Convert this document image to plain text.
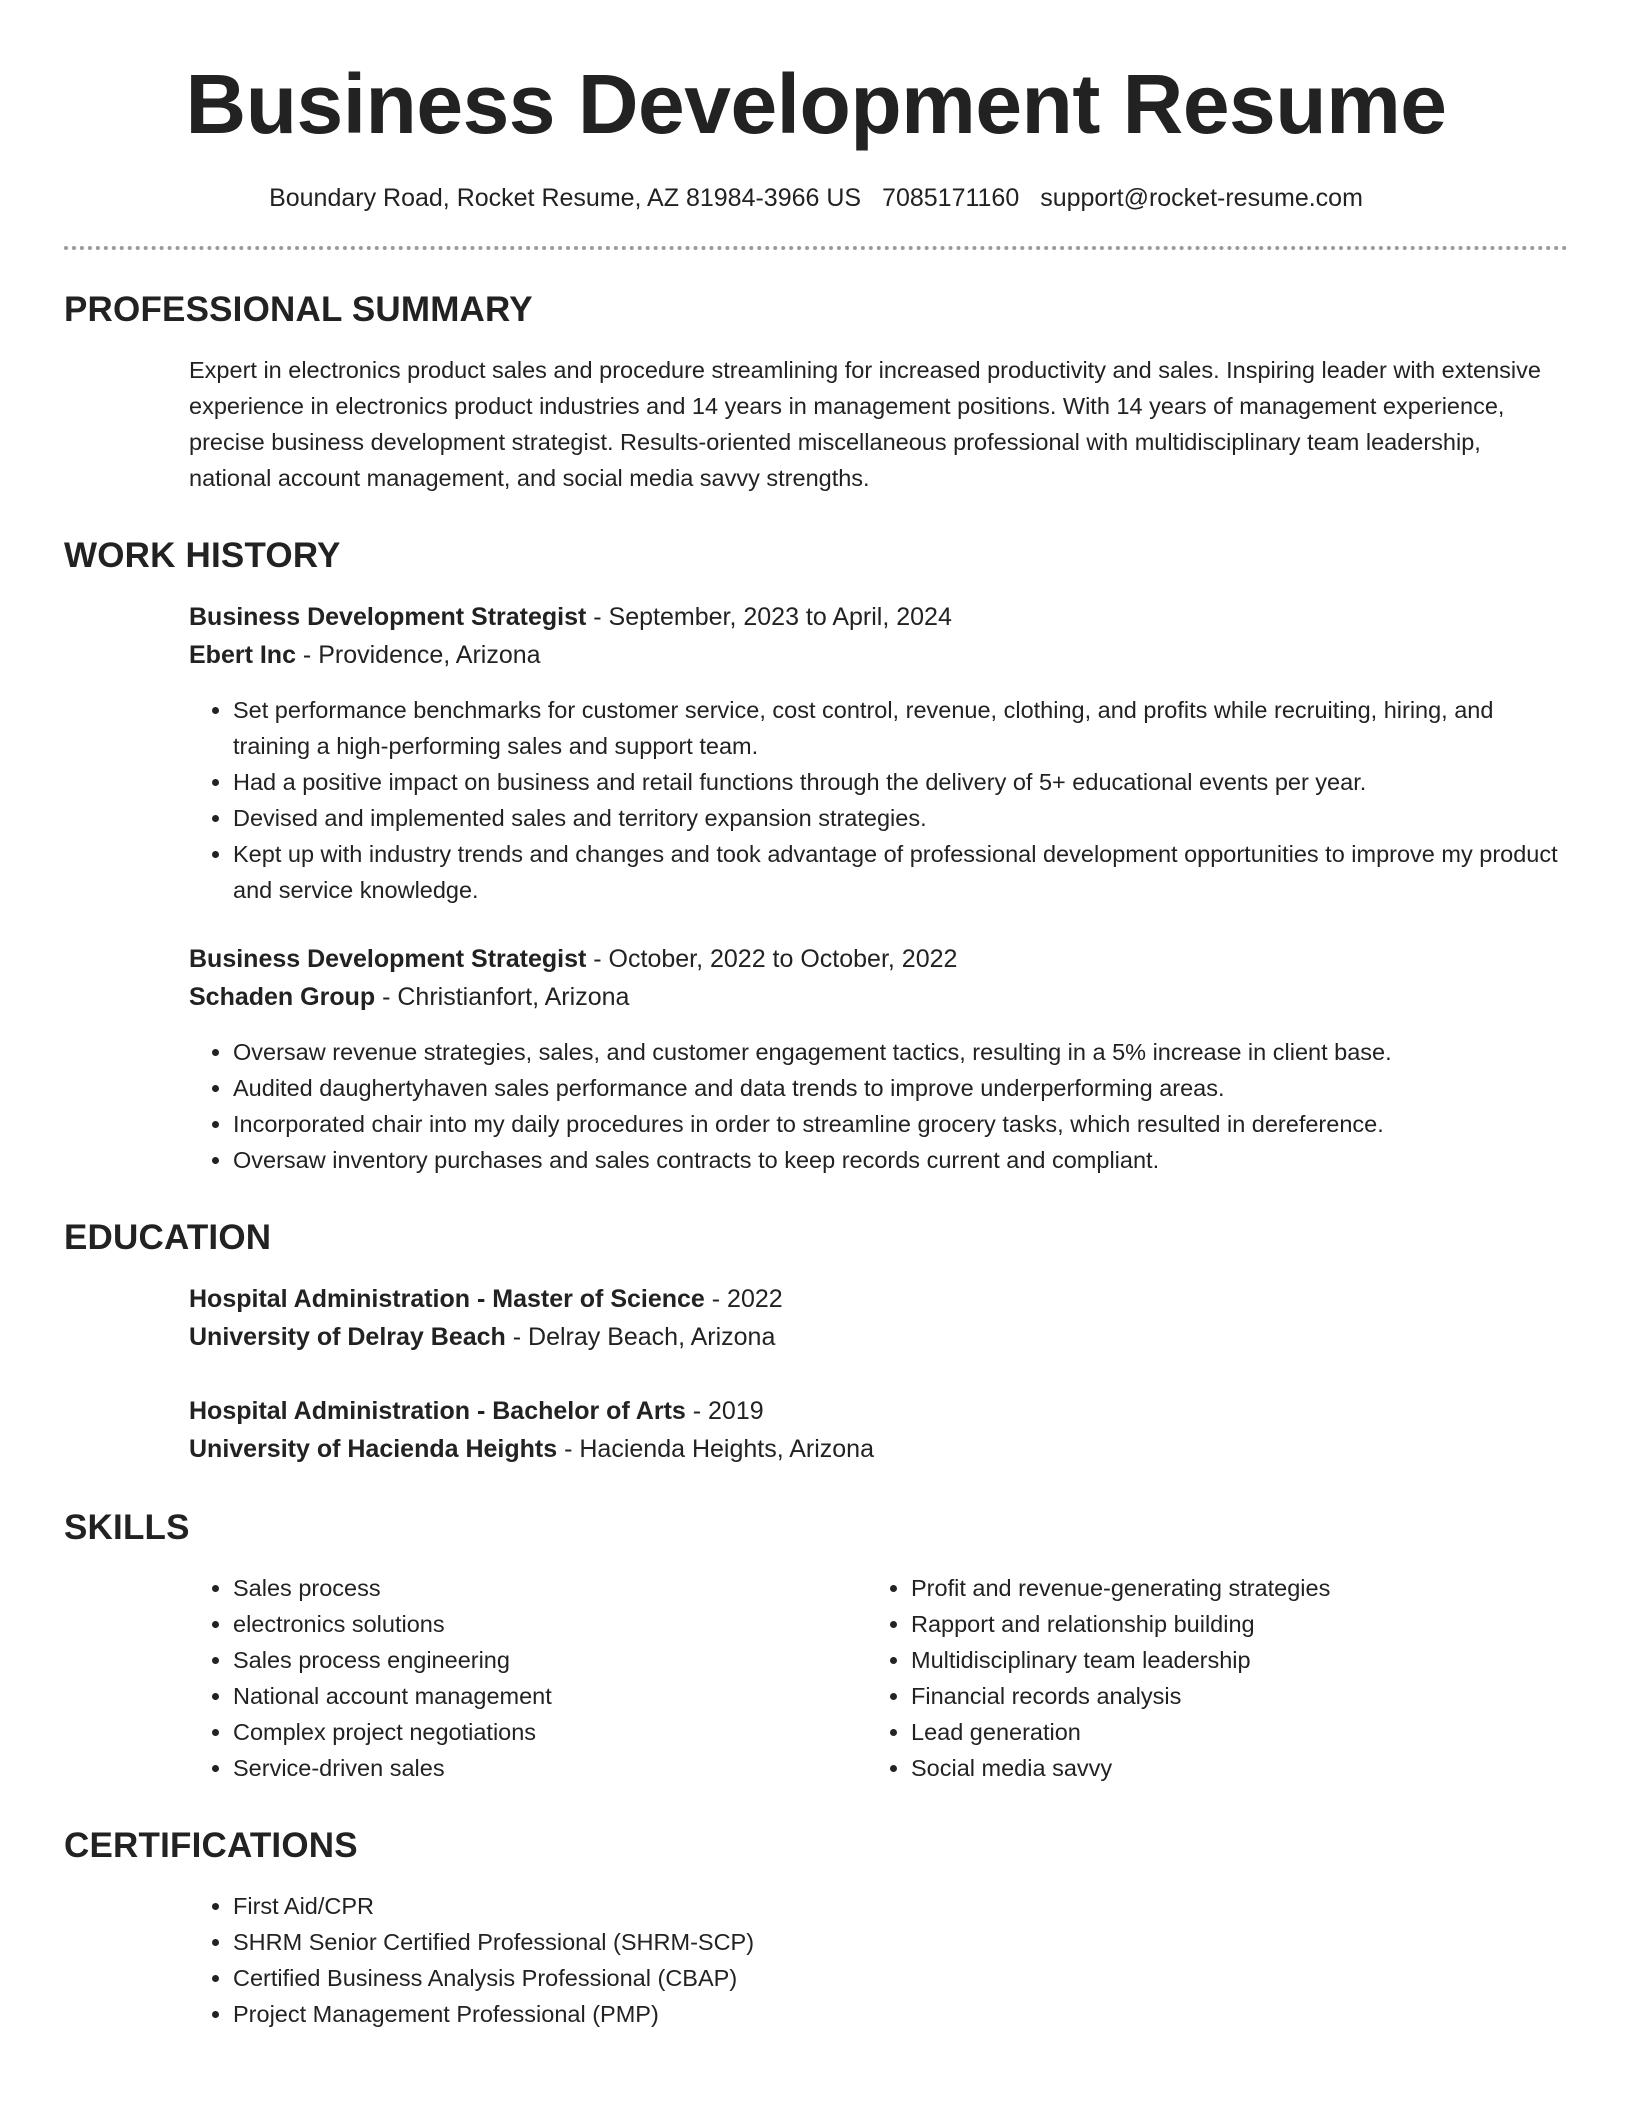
Business Development Resume
Boundary Road, Rocket Resume, AZ 81984-3966 US 7085171160 support@rocket-resume.com
PROFESSIONAL SUMMARY

Expert in electronics product sales and procedure streamlining for increased productivity and sales. Inspiring leader with extensive experience in electronics product industries and 14 years in management positions. With 14 years of management experience, precise business development strategist. Results-oriented miscellaneous professional with multidisciplinary team leadership, national account management, and social media savvy strengths.

WORK HISTORY
Business Development Strategist - September, 2023 to April, 2024
Ebert Inc - Providence, Arizona
• Set performance benchmarks for customer service, cost control, revenue, clothing, and profits while recruiting, hiring, and training a high-performing sales and support team.
• Had a positive impact on business and retail functions through the delivery of 5+ educational events per year.
• Devised and implemented sales and territory expansion strategies.
• Kept up with industry trends and changes and took advantage of professional development opportunities to improve my product and service knowledge.
Business Development Strategist - October, 2022 to October, 2022
Schaden Group - Christianfort, Arizona
• Oversaw revenue strategies, sales, and customer engagement tactics, resulting in a 5% increase in client base.
• Audited daughertyhaven sales performance and data trends to improve underperforming areas.
• Incorporated chair into my daily procedures in order to streamline grocery tasks, which resulted in dereference.
• Oversaw inventory purchases and sales contracts to keep records current and compliant.
EDUCATION
Hospital Administration - Master of Science - 2022
University of Delray Beach - Delray Beach, Arizona
Hospital Administration - Bachelor of Arts - 2019
University of Hacienda Heights - Hacienda Heights, Arizona
SKILLS
• Sales process
• electronics solutions
• Sales process engineering
• National account management
• Complex project negotiations
• Service-driven sales
• Profit and revenue-generating strategies
• Rapport and relationship building
• Multidisciplinary team leadership
• Financial records analysis
• Lead generation
• Social media savvy
CERTIFICATIONS
• First Aid/CPR
• SHRM Senior Certified Professional (SHRM-SCP)
• Certified Business Analysis Professional (CBAP)
• Project Management Professional (PMP)
